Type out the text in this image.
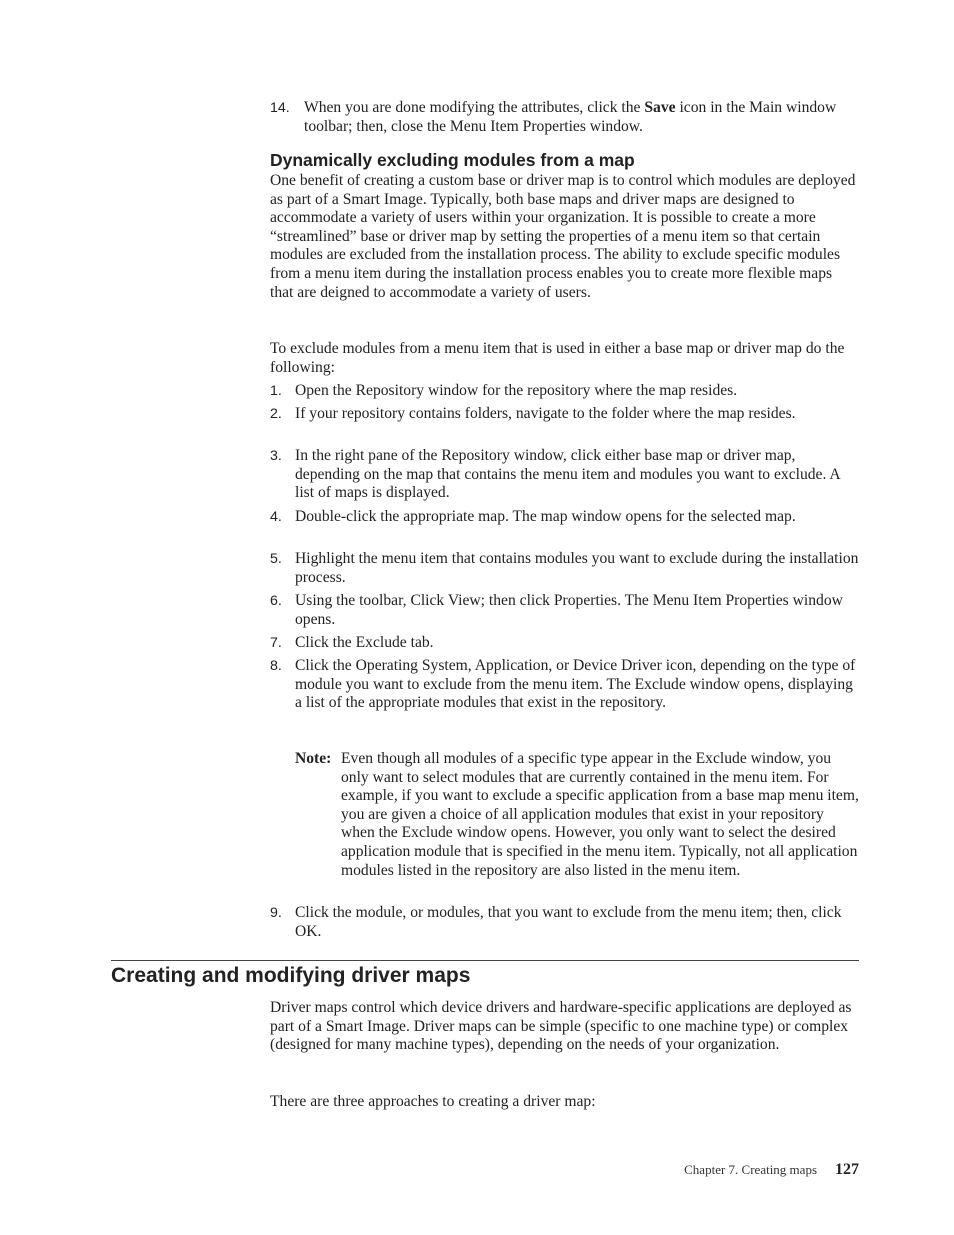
14. When you are done modifying the attributes, click the Save icon in the Main window toolbar; then, close the Menu Item Properties window.
Dynamically excluding modules from a map
One benefit of creating a custom base or driver map is to control which modules are deployed as part of a Smart Image. Typically, both base maps and driver maps are designed to accommodate a variety of users within your organization. It is possible to create a more “streamlined” base or driver map by setting the properties of a menu item so that certain modules are excluded from the installation process. The ability to exclude specific modules from a menu item during the installation process enables you to create more flexible maps that are deigned to accommodate a variety of users.
To exclude modules from a menu item that is used in either a base map or driver map do the following:
1. Open the Repository window for the repository where the map resides.
2. If your repository contains folders, navigate to the folder where the map resides.
3. In the right pane of the Repository window, click either base map or driver map, depending on the map that contains the menu item and modules you want to exclude. A list of maps is displayed.
4. Double-click the appropriate map. The map window opens for the selected map.
5. Highlight the menu item that contains modules you want to exclude during the installation process.
6. Using the toolbar, Click View; then click Properties. The Menu Item Properties window opens.
7. Click the Exclude tab.
8. Click the Operating System, Application, or Device Driver icon, depending on the type of module you want to exclude from the menu item. The Exclude window opens, displaying a list of the appropriate modules that exist in the repository.
Note: Even though all modules of a specific type appear in the Exclude window, you only want to select modules that are currently contained in the menu item. For example, if you want to exclude a specific application from a base map menu item, you are given a choice of all application modules that exist in your repository when the Exclude window opens. However, you only want to select the desired application module that is specified in the menu item. Typically, not all application modules listed in the repository are also listed in the menu item.
9. Click the module, or modules, that you want to exclude from the menu item; then, click OK.
Creating and modifying driver maps
Driver maps control which device drivers and hardware-specific applications are deployed as part of a Smart Image. Driver maps can be simple (specific to one machine type) or complex (designed for many machine types), depending on the needs of your organization.
There are three approaches to creating a driver map:
Chapter 7. Creating maps 127
